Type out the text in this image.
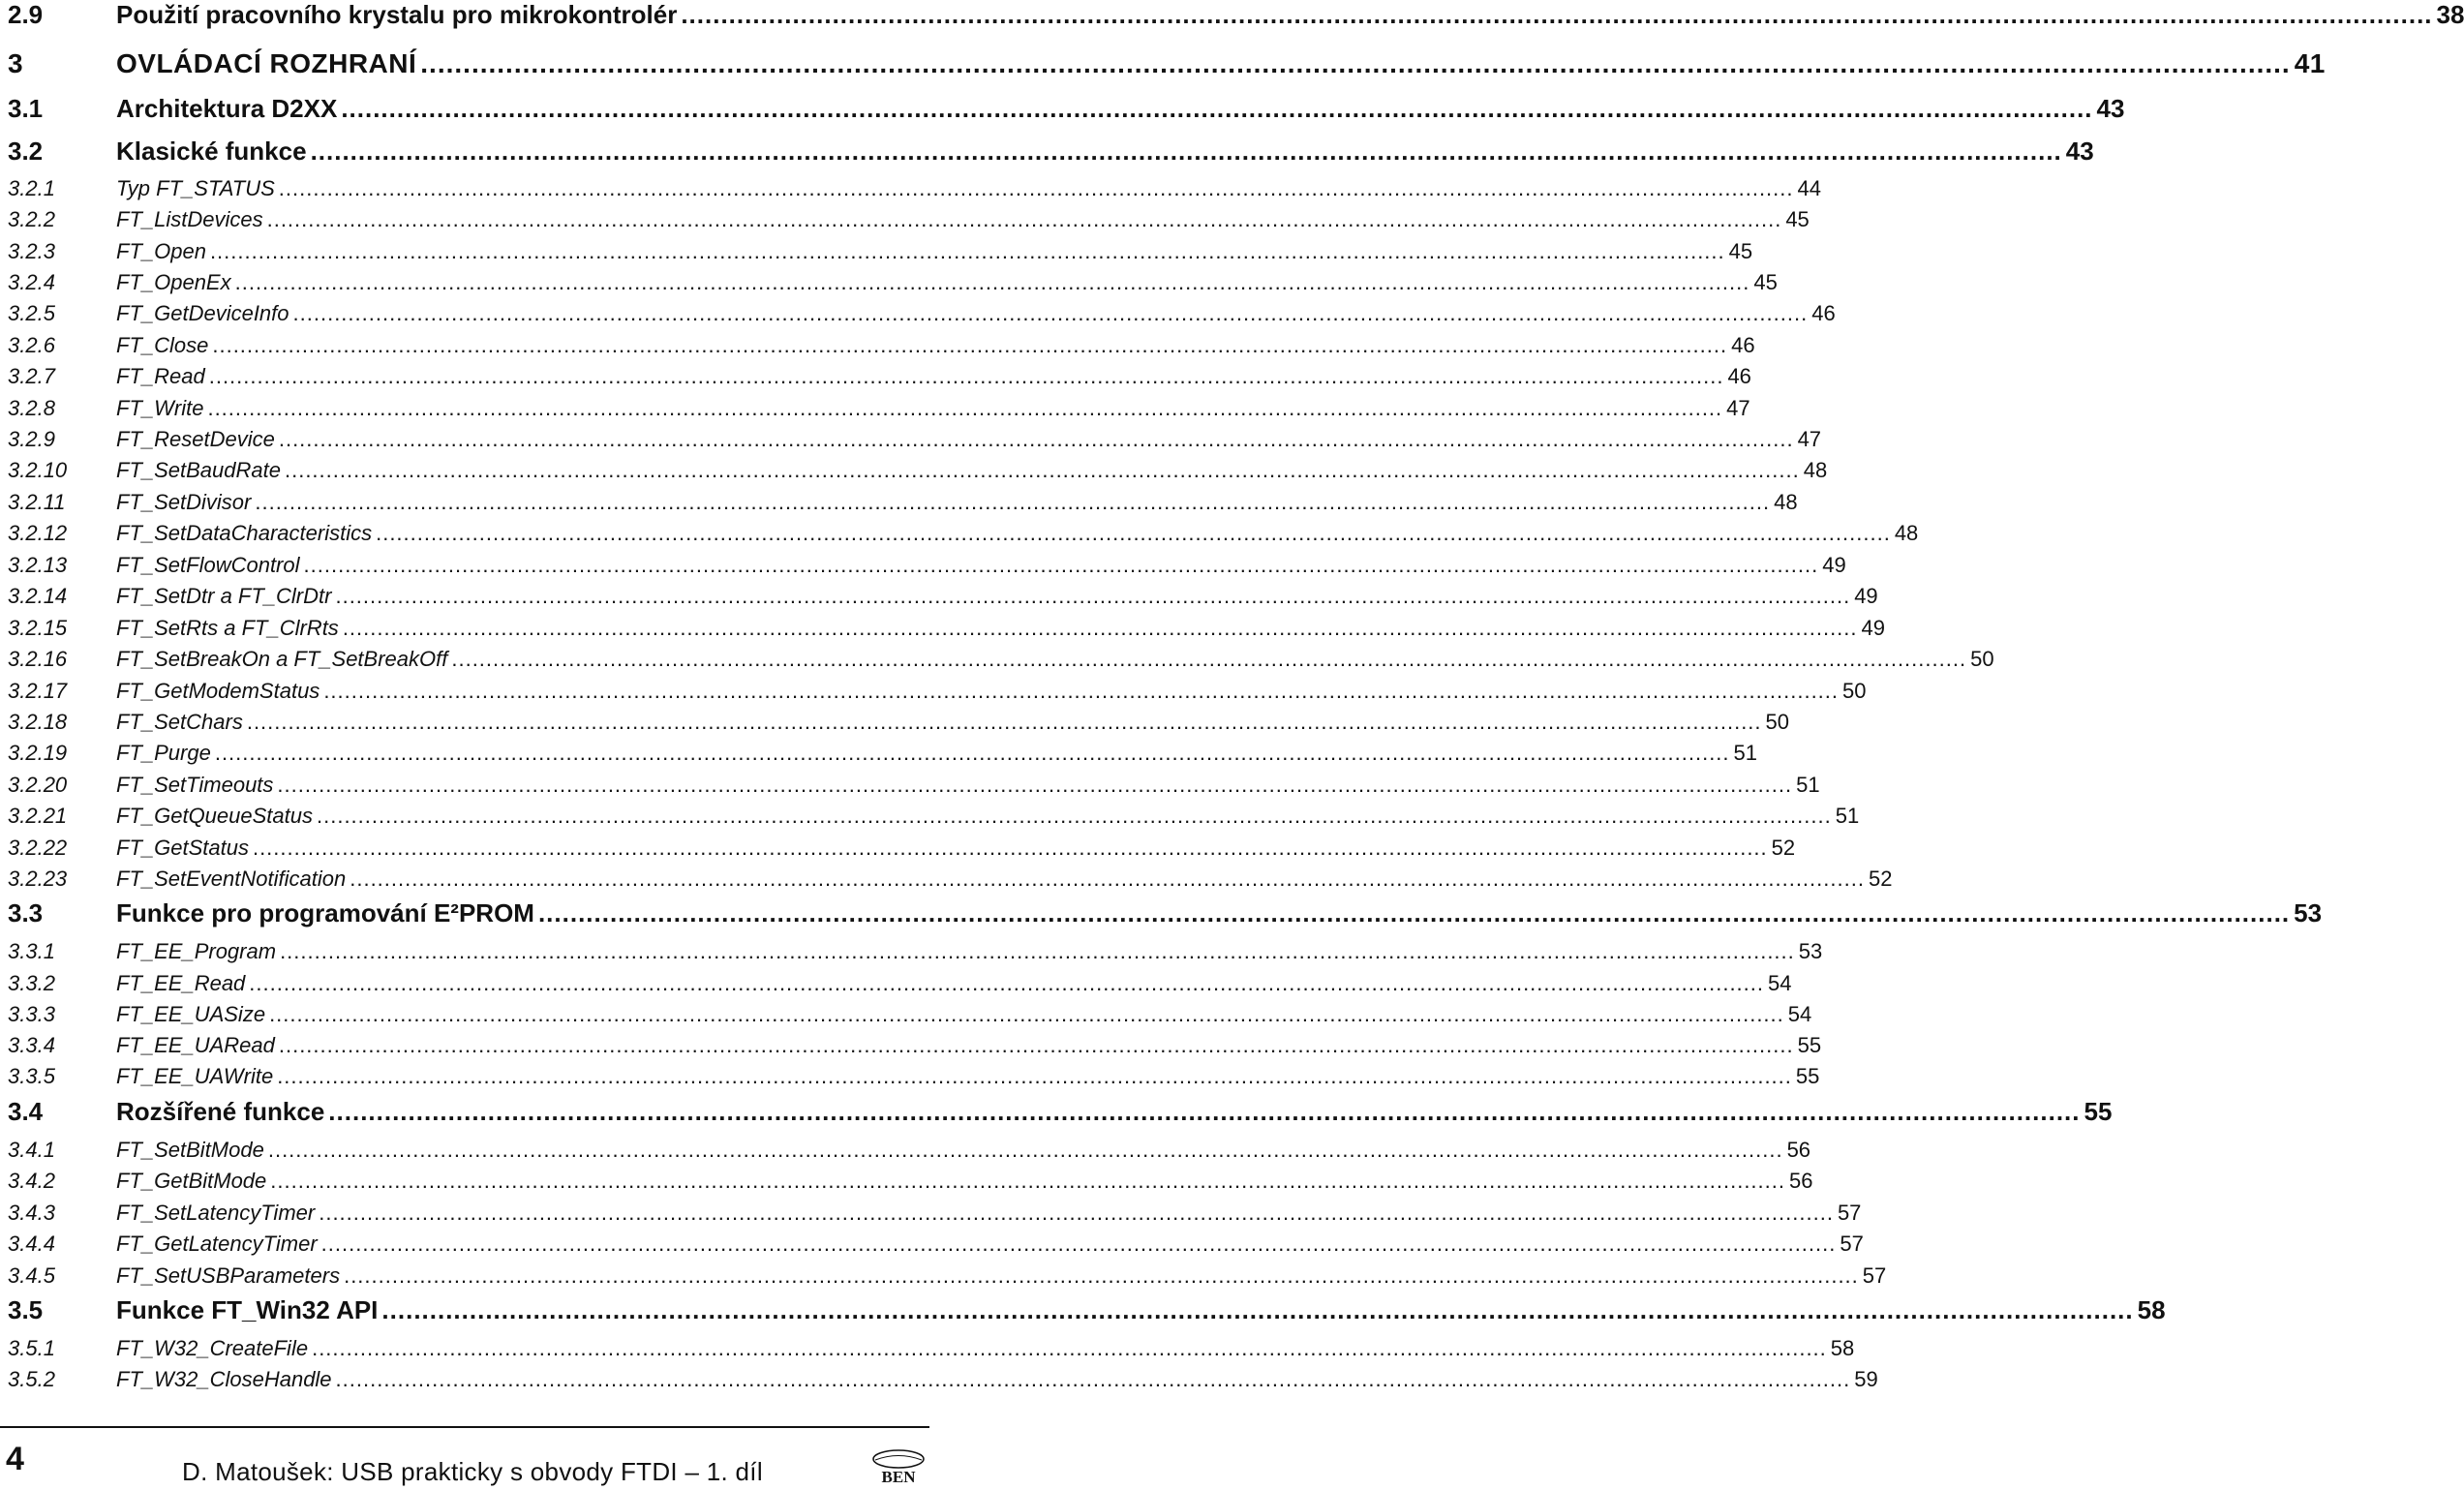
2.9	Použití pracovního krystalu pro mikrokontrolér ............................................................................................................................................................................................................................ 38
3	OVLÁDACÍ ROZHRANÍ ............................................................................................................................................................................................................................ 41
3.1	Architektura D2XX ............................................................................................................................................................................................................................ 43
3.2	Klasické funkce ............................................................................................................................................................................................................................ 43
3.2.1	Typ FT_STATUS ............................................................................................................................................................................................................................ 44
3.2.2	FT_ListDevices ............................................................................................................................................................................................................................ 45
3.2.3	FT_Open ............................................................................................................................................................................................................................ 45
3.2.4	FT_OpenEx ............................................................................................................................................................................................................................ 45
3.2.5	FT_GetDeviceInfo ............................................................................................................................................................................................................................ 46
3.2.6	FT_Close ............................................................................................................................................................................................................................ 46
3.2.7	FT_Read ............................................................................................................................................................................................................................ 46
3.2.8	FT_Write ............................................................................................................................................................................................................................ 47
3.2.9	FT_ResetDevice ............................................................................................................................................................................................................................ 47
3.2.10	FT_SetBaudRate ............................................................................................................................................................................................................................ 48
3.2.11	FT_SetDivisor ............................................................................................................................................................................................................................ 48
3.2.12	FT_SetDataCharacteristics ............................................................................................................................................................................................................................ 48
3.2.13	FT_SetFlowControl ............................................................................................................................................................................................................................ 49
3.2.14	FT_SetDtr a FT_ClrDtr ............................................................................................................................................................................................................................ 49
3.2.15	FT_SetRts a FT_ClrRts ............................................................................................................................................................................................................................ 49
3.2.16	FT_SetBreakOn a FT_SetBreakOff ............................................................................................................................................................................................................................ 50
3.2.17	FT_GetModemStatus ............................................................................................................................................................................................................................ 50
3.2.18	FT_SetChars ............................................................................................................................................................................................................................ 50
3.2.19	FT_Purge ............................................................................................................................................................................................................................ 51
3.2.20	FT_SetTimeouts ............................................................................................................................................................................................................................ 51
3.2.21	FT_GetQueueStatus ............................................................................................................................................................................................................................ 51
3.2.22	FT_GetStatus ............................................................................................................................................................................................................................ 52
3.2.23	FT_SetEventNotification ............................................................................................................................................................................................................................ 52
3.3	Funkce pro programování E²PROM ............................................................................................................................................................................................................................ 53
3.3.1	FT_EE_Program ............................................................................................................................................................................................................................ 53
3.3.2	FT_EE_Read ............................................................................................................................................................................................................................ 54
3.3.3	FT_EE_UASize ............................................................................................................................................................................................................................ 54
3.3.4	FT_EE_UARead ............................................................................................................................................................................................................................ 55
3.3.5	FT_EE_UAWrite ............................................................................................................................................................................................................................ 55
3.4	Rozšířené funkce ............................................................................................................................................................................................................................ 55
3.4.1	FT_SetBitMode ............................................................................................................................................................................................................................ 56
3.4.2	FT_GetBitMode ............................................................................................................................................................................................................................ 56
3.4.3	FT_SetLatencyTimer ............................................................................................................................................................................................................................ 57
3.4.4	FT_GetLatencyTimer ............................................................................................................................................................................................................................ 57
3.4.5	FT_SetUSBParameters ............................................................................................................................................................................................................................ 57
3.5	Funkce FT_Win32 API ............................................................................................................................................................................................................................ 58
3.5.1	FT_W32_CreateFile ............................................................................................................................................................................................................................ 58
3.5.2	FT_W32_CloseHandle ............................................................................................................................................................................................................................ 59
4	D. Matoušek: USB prakticky s obvody FTDI – 1. díl	BEN
